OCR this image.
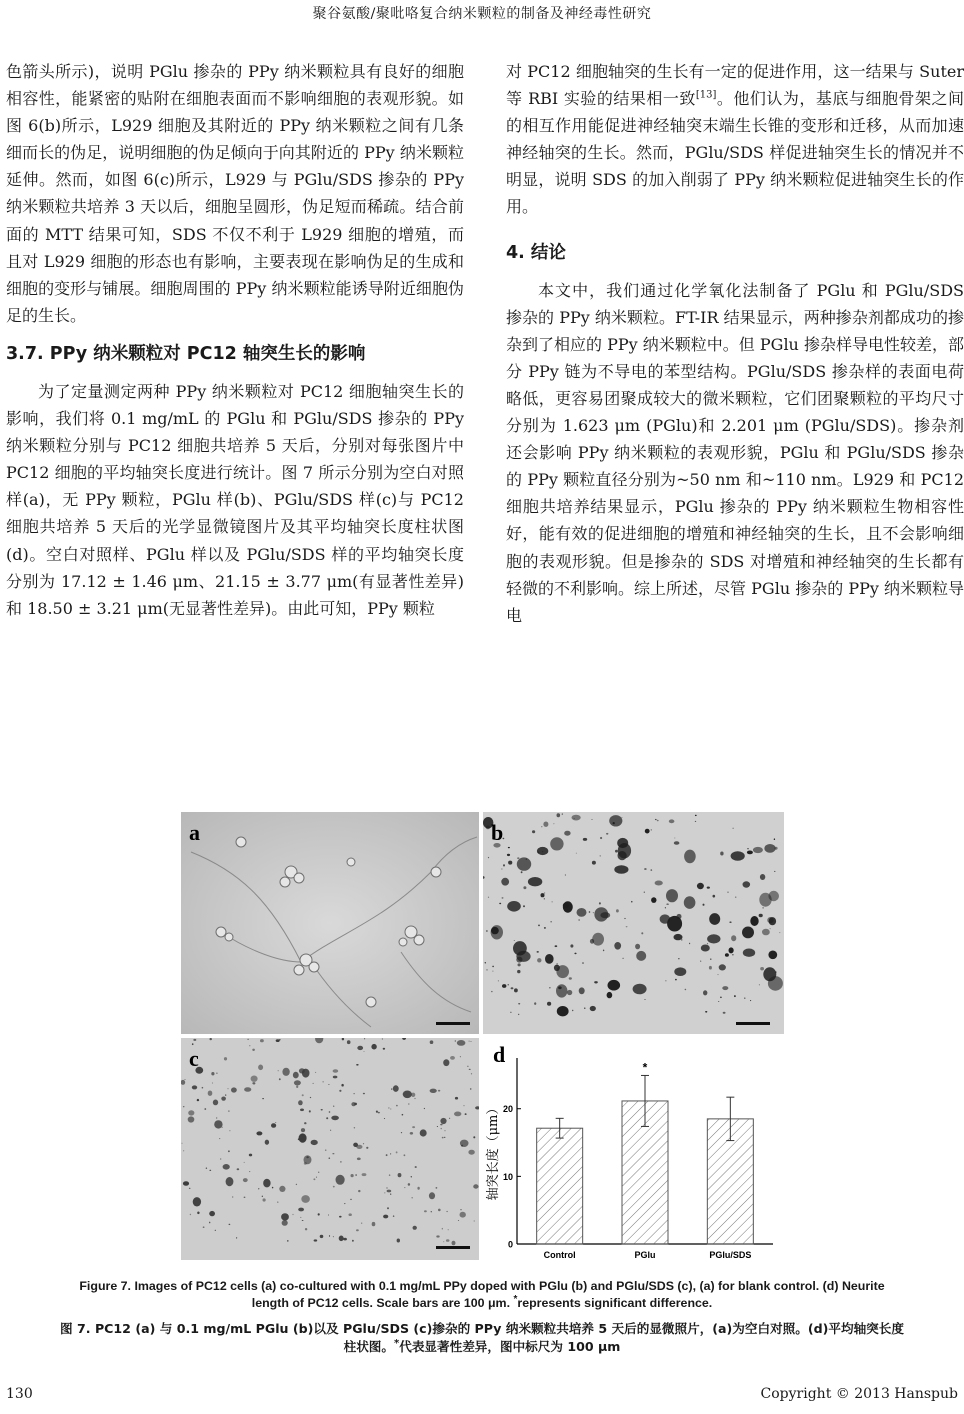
聚谷氨酸/聚吡咯复合纳米颗粒的制备及神经毒性研究

色箭头所示)，说明 PGlu 掺杂的 PPy 纳米颗粒具有良好的细胞相容性，能紧密的贴附在细胞表面而不影响细胞的表观形貌。如图 6(b)所示，L929 细胞及其附近的 PPy 纳米颗粒之间有几条细而长的伪足，说明细胞的伪足倾向于向其附近的 PPy 纳米颗粒延伸。然而，如图 6(c)所示，L929 与 PGlu/SDS 掺杂的 PPy 纳米颗粒共培养 3 天以后，细胞呈圆形，伪足短而稀疏。结合前面的 MTT 结果可知，SDS 不仅不利于 L929 细胞的增殖，而且对 L929 细胞的形态也有影响，主要表现在影响伪足的生成和细胞的变形与铺展。细胞周围的 PPy 纳米颗粒能诱导附近细胞伪足的生长。

3.7. PPy 纳米颗粒对 PC12 轴突生长的影响

为了定量测定两种 PPy 纳米颗粒对 PC12 细胞轴突生长的影响，我们将 0.1 mg/mL 的 PGlu 和 PGlu/SDS 掺杂的 PPy 纳米颗粒分别与 PC12 细胞共培养 5 天后，分别对每张图片中 PC12 细胞的平均轴突长度进行统计。图 7 所示分别为空白对照样(a)，无 PPy 颗粒，PGlu 样(b)、PGlu/SDS 样(c)与 PC12 细胞共培养 5 天后的光学显微镜图片及其平均轴突长度柱状图(d)。空白对照样、PGlu 样以及 PGlu/SDS 样的平均轴突长度分别为 17.12 ± 1.46 μm、21.15 ± 3.77 μm(有显著性差异)和 18.50 ± 3.21 μm(无显著性差异)。由此可知，PPy 颗粒

对 PC12 细胞轴突的生长有一定的促进作用，这一结果与 Suter 等 RBI 实验的结果相一致[13]。他们认为，基底与细胞骨架之间的相互作用能促进神经轴突末端生长锥的变形和迁移，从而加速神经轴突的生长。然而，PGlu/SDS 样促进轴突生长的情况并不明显，说明 SDS 的加入削弱了 PPy 纳米颗粒促进轴突生长的作用。

4. 结论

本文中，我们通过化学氧化法制备了 PGlu 和 PGlu/SDS 掺杂的 PPy 纳米颗粒。FT-IR 结果显示，两种掺杂剂都成功的掺杂到了相应的 PPy 纳米颗粒中。但 PGlu 掺杂样导电性较差，部分 PPy 链为不导电的苯型结构。PGlu/SDS 掺杂样的表面电荷略低，更容易团聚成较大的微米颗粒，它们团聚颗粒的平均尺寸分别为 1.623 μm (PGlu)和 2.201 μm (PGlu/SDS)。掺杂剂还会影响 PPy 纳米颗粒的表观形貌，PGlu 和 PGlu/SDS 掺杂的 PPy 颗粒直径分别为~50 nm 和~110 nm。L929 和 PC12 细胞共培养结果显示，PGlu 掺杂的 PPy 纳米颗粒生物相容性好，能有效的促进细胞的增殖和神经轴突的生长，且不会影响细胞的表观形貌。但是掺杂的 SDS 对增殖和神经轴突的生长都有轻微的不利影响。综上所述，尽管 PGlu 掺杂的 PPy 纳米颗粒导电

a	b
c
0
10
20
轴突长度（μm）
Control	PGlu
*
PGlu/SDS
d
Figure 7. Images of PC12 cells (a) co-cultured with 0.1 mg/mL PPy doped with PGlu (b) and PGlu/SDS (c), (a) for blank control. (d) Neurite
length of PC12 cells. Scale bars are 100 μm. *represents significant difference.
图 7. PC12 (a) 与 0.1 mg/mL PGlu (b)以及 PGlu/SDS (c)掺杂的 PPy 纳米颗粒共培养 5 天后的显微照片，(a)为空白对照。(d)平均轴突长度
柱状图。*代表显著性差异，图中标尺为 100 μm
130	Copyright © 2013 Hanspub
